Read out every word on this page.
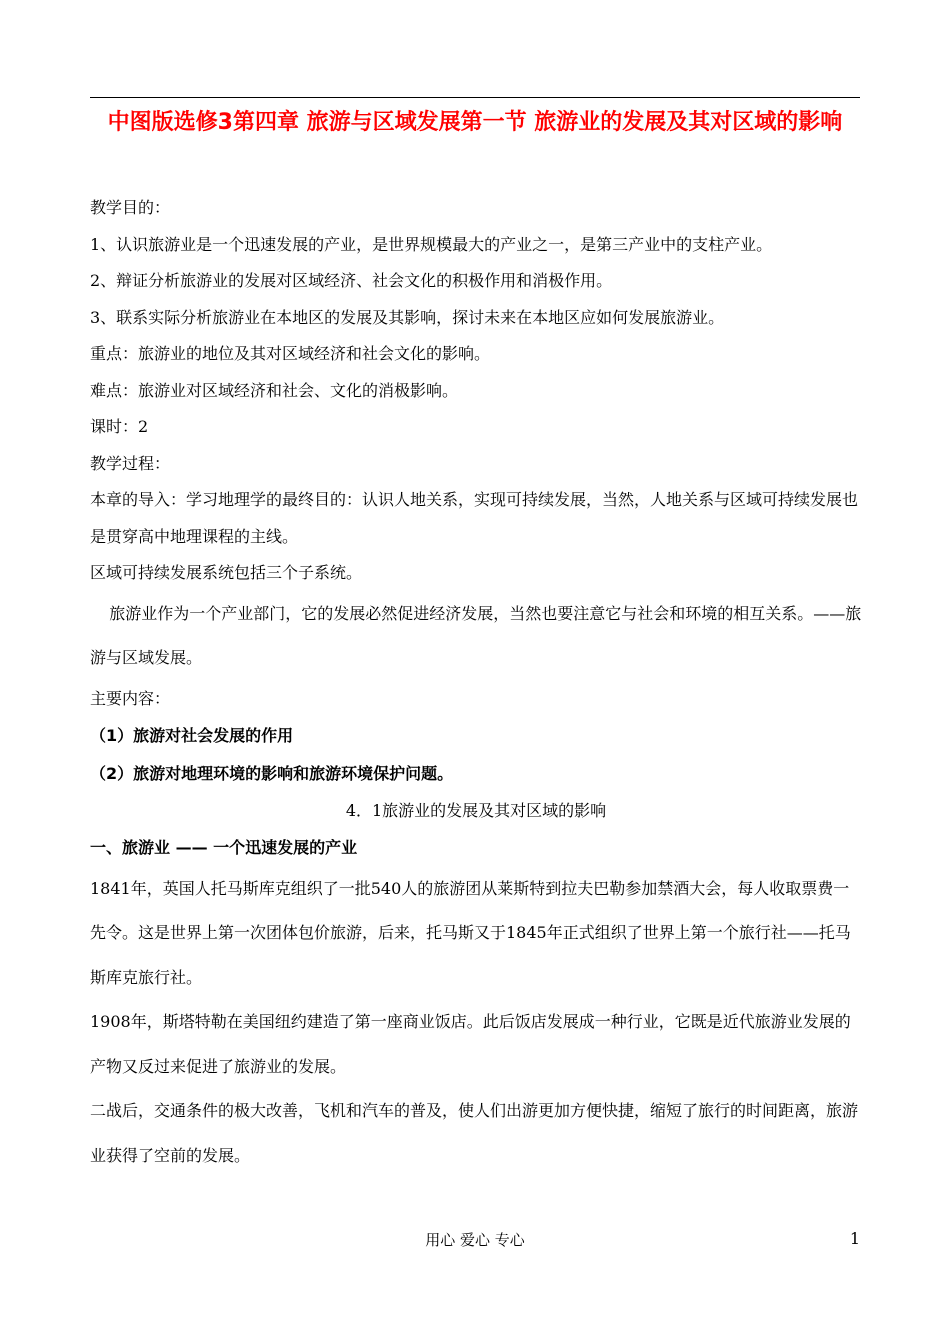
中图版选修3第四章 旅游与区域发展第一节 旅游业的发展及其对区域的影响

教学目的：

1、认识旅游业是一个迅速发展的产业，是世界规模最大的产业之一，是第三产业中的支柱产业。

2、辩证分析旅游业的发展对区域经济、社会文化的积极作用和消极作用。

3、联系实际分析旅游业在本地区的发展及其影响，探讨未来在本地区应如何发展旅游业。

重点：旅游业的地位及其对区域经济和社会文化的影响。

难点：旅游业对区域经济和社会、文化的消极影响。

课时：2

教学过程：

本章的导入：学习地理学的最终目的：认识人地关系，实现可持续发展，当然，人地关系与区域可持续发展也是贯穿高中地理课程的主线。

区域可持续发展系统包括三个子系统。

旅游业作为一个产业部门，它的发展必然促进经济发展，当然也要注意它与社会和环境的相互关系。——旅游与区域发展。

主要内容：

（1）旅游对社会发展的作用

（2）旅游对地理环境的影响和旅游环境保护问题。

4．1旅游业的发展及其对区域的影响

一、旅游业 —— 一个迅速发展的产业

1841年，英国人托马斯库克组织了一批540人的旅游团从莱斯特到拉夫巴勒参加禁酒大会，每人收取票费一先令。这是世界上第一次团体包价旅游，后来，托马斯又于1845年正式组织了世界上第一个旅行社——托马斯库克旅行社。

1908年，斯塔特勒在美国纽约建造了第一座商业饭店。此后饭店发展成一种行业，它既是近代旅游业发展的产物又反过来促进了旅游业的发展。

二战后，交通条件的极大改善，飞机和汽车的普及，使人们出游更加方便快捷，缩短了旅行的时间距离，旅游业获得了空前的发展。

用心 爱心 专心	1
